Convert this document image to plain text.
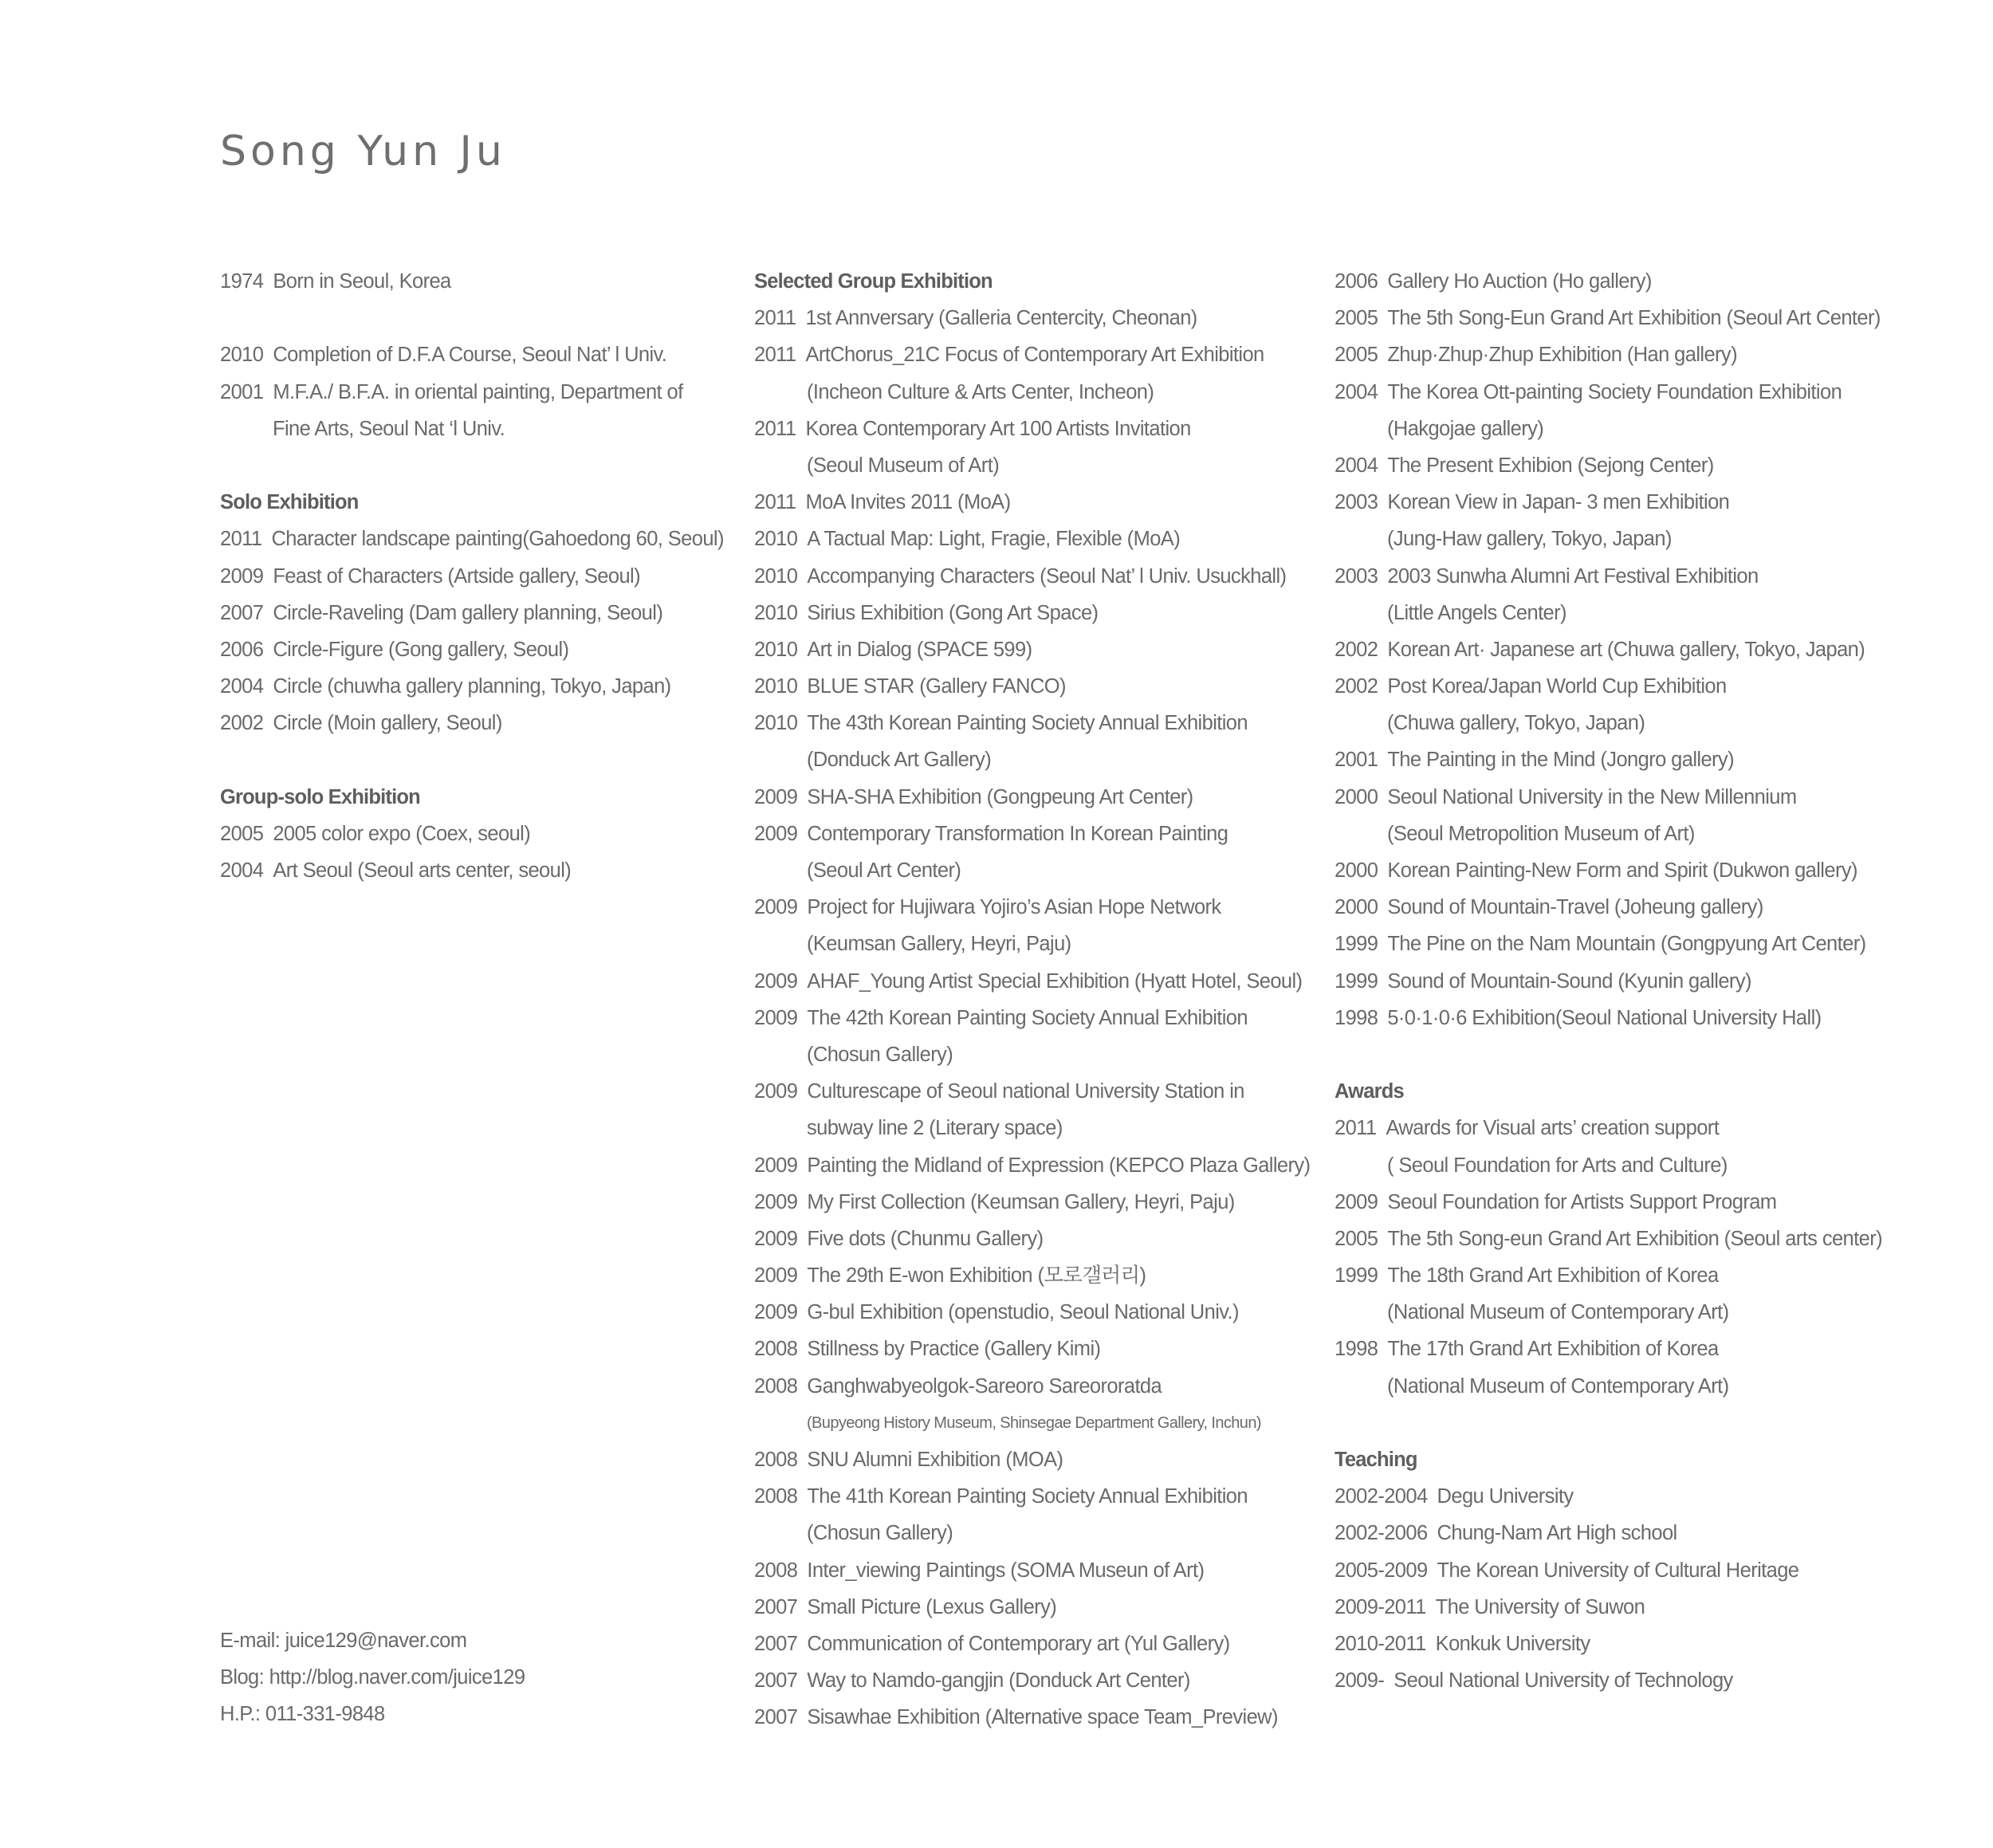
Song Yun Ju
1974 Born in Seoul, Korea
2010 Completion of D.F.A Course, Seoul Nat’ l Univ.
2001 M.F.A./ B.F.A. in oriental painting, Department of
Fine Arts, Seoul Nat ‘l Univ.
Solo Exhibition
2011 Character landscape painting(Gahoedong 60, Seoul)
2009 Feast of Characters (Artside gallery, Seoul)
2007 Circle-Raveling (Dam gallery planning, Seoul)
2006 Circle-Figure (Gong gallery, Seoul)
2004 Circle (chuwha gallery planning, Tokyo, Japan)
2002 Circle (Moin gallery, Seoul)
Group-solo Exhibition
2005 2005 color expo (Coex, seoul)
2004 Art Seoul (Seoul arts center, seoul)
Selected Group Exhibition
2011 1st Annversary (Galleria Centercity, Cheonan)
2011 ArtChorus_21C Focus of Contemporary Art Exhibition
(Incheon Culture & Arts Center, Incheon)
2011 Korea Contemporary Art 100 Artists Invitation
(Seoul Museum of Art)
2011 MoA Invites 2011 (MoA)
2010 A Tactual Map: Light, Fragie, Flexible (MoA)
2010 Accompanying Characters (Seoul Nat’ l Univ. Usuckhall)
2010 Sirius Exhibition (Gong Art Space)
2010 Art in Dialog (SPACE 599)
2010 BLUE STAR (Gallery FANCO)
2010 The 43th Korean Painting Society Annual Exhibition
(Donduck Art Gallery)
2009 SHA-SHA Exhibition (Gongpeung Art Center)
2009 Contemporary Transformation In Korean Painting
(Seoul Art Center)
2009 Project for Hujiwara Yojiro’s Asian Hope Network
(Keumsan Gallery, Heyri, Paju)
2009 AHAF_Young Artist Special Exhibition (Hyatt Hotel, Seoul)
2009 The 42th Korean Painting Society Annual Exhibition
(Chosun Gallery)
2009 Culturescape of Seoul national University Station in
subway line 2 (Literary space)
2009 Painting the Midland of Expression (KEPCO Plaza Gallery)
2009 My First Collection (Keumsan Gallery, Heyri, Paju)
2009 Five dots (Chunmu Gallery)
2009 The 29th E-won Exhibition (모로갤러리)
2009 G-bul Exhibition (openstudio, Seoul National Univ.)
2008 Stillness by Practice (Gallery Kimi)
2008 Ganghwabyeolgok-Sareoro Sareororatda
(Bupyeong History Museum, Shinsegae Department Gallery, Inchun)
2008 SNU Alumni Exhibition (MOA)
2008 The 41th Korean Painting Society Annual Exhibition
(Chosun Gallery)
2008 Inter_viewing Paintings (SOMA Museun of Art)
2007 Small Picture (Lexus Gallery)
2007 Communication of Contemporary art (Yul Gallery)
2007 Way to Namdo-gangjin (Donduck Art Center)
2007 Sisawhae Exhibition (Alternative space Team_Preview)
2006 Gallery Ho Auction (Ho gallery)
2005 The 5th Song-Eun Grand Art Exhibition (Seoul Art Center)
2005 Zhup·Zhup·Zhup Exhibition (Han gallery)
2004 The Korea Ott-painting Society Foundation Exhibition
(Hakgojae gallery)
2004 The Present Exhibion (Sejong Center)
2003 Korean View in Japan- 3 men Exhibition
(Jung-Haw gallery, Tokyo, Japan)
2003 2003 Sunwha Alumni Art Festival Exhibition
(Little Angels Center)
2002 Korean Art· Japanese art (Chuwa gallery, Tokyo, Japan)
2002 Post Korea/Japan World Cup Exhibition
(Chuwa gallery, Tokyo, Japan)
2001 The Painting in the Mind (Jongro gallery)
2000 Seoul National University in the New Millennium
(Seoul Metropolition Museum of Art)
2000 Korean Painting-New Form and Spirit (Dukwon gallery)
2000 Sound of Mountain-Travel (Joheung gallery)
1999 The Pine on the Nam Mountain (Gongpyung Art Center)
1999 Sound of Mountain-Sound (Kyunin gallery)
1998 5·0·1·0·6 Exhibition(Seoul National University Hall)
Awards
2011 Awards for Visual arts’ creation support
( Seoul Foundation for Arts and Culture)
2009 Seoul Foundation for Artists Support Program
2005 The 5th Song-eun Grand Art Exhibition (Seoul arts center)
1999 The 18th Grand Art Exhibition of Korea
(National Museum of Contemporary Art)
1998 The 17th Grand Art Exhibition of Korea
(National Museum of Contemporary Art)
Teaching
2002-2004 Degu University
2002-2006 Chung-Nam Art High school
2005-2009 The Korean University of Cultural Heritage
2009-2011 The University of Suwon
2010-2011 Konkuk University
2009- Seoul National University of Technology
E-mail: juice129@naver.com
Blog: http://blog.naver.com/juice129
H.P.: 011-331-9848
